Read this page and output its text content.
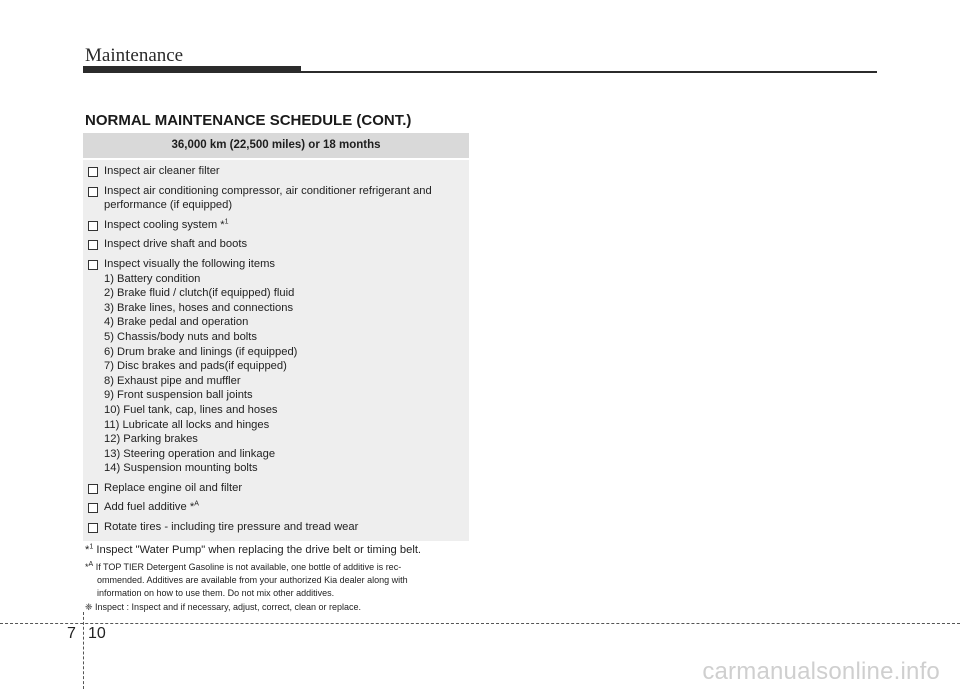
Maintenance
NORMAL MAINTENANCE SCHEDULE (CONT.)
36,000 km (22,500 miles) or 18 months
Inspect air cleaner filter
Inspect air conditioning compressor, air conditioner refrigerant and performance (if equipped)
Inspect cooling system *$^1$
Inspect drive shaft and boots
Inspect visually the following items
1) Battery condition
2) Brake fluid / clutch(if equipped) fluid
3) Brake lines, hoses and connections
4) Brake pedal and operation
5) Chassis/body nuts and bolts
6) Drum brake and linings (if equipped)
7) Disc brakes and pads(if equipped)
8) Exhaust pipe and muffler
9) Front suspension ball joints
10) Fuel tank, cap, lines and hoses
11) Lubricate all locks and hinges
12) Parking brakes
13) Steering operation and linkage
14) Suspension mounting bolts
Replace engine oil and filter
Add fuel additive *$^A$
Rotate tires - including tire pressure and tread wear
*$^1$ Inspect "Water Pump" when replacing the drive belt or timing belt.
*$^A$ If TOP TIER Detergent Gasoline is not available, one bottle of additive is rec-
ommended. Additives are available from your authorized Kia dealer along with
information on how to use them. Do not mix other additives.
❈ Inspect : Inspect and if necessary, adjust, correct, clean or replace.
7 10
carmanualsonline.info
